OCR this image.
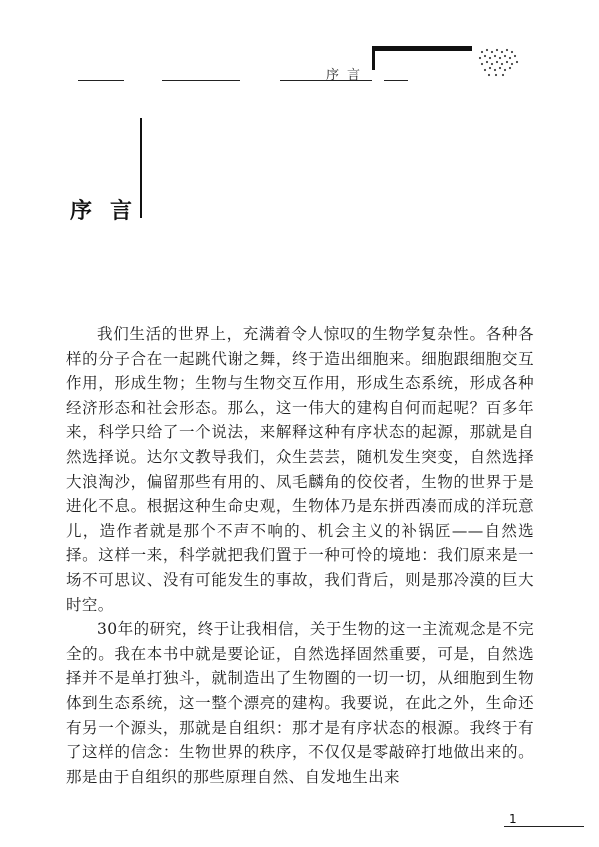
序言
序言

我们生活的世界上，充满着令人惊叹的生物学复杂性。各种各样的分子合在一起跳代谢之舞，终于造出细胞来。细胞跟细胞交互作用，形成生物；生物与生物交互作用，形成生态系统，形成各种经济形态和社会形态。那么，这一伟大的建构自何而起呢？百多年来，科学只给了一个说法，来解释这种有序状态的起源，那就是自然选择说。达尔文教导我们，众生芸芸，随机发生突变，自然选择大浪淘沙，偏留那些有用的、凤毛麟角的佼佼者，生物的世界于是进化不息。根据这种生命史观，生物体乃是东拼西凑而成的洋玩意儿，造作者就是那个不声不响的、机会主义的补锅匠——自然选择。这样一来，科学就把我们置于一种可怜的境地：我们原来是一场不可思议、没有可能发生的事故，我们背后，则是那冷漠的巨大时空。

30年的研究，终于让我相信，关于生物的这一主流观念是不完全的。我在本书中就是要论证，自然选择固然重要，可是，自然选择并不是单打独斗，就制造出了生物圈的一切一切，从细胞到生物体到生态系统，这一整个漂亮的建构。我要说，在此之外，生命还有另一个源头，那就是自组织：那才是有序状态的根源。我终于有了这样的信念：生物世界的秩序，不仅仅是零敲碎打地做出来的。那是由于自组织的那些原理自然、自发地生出来

1
